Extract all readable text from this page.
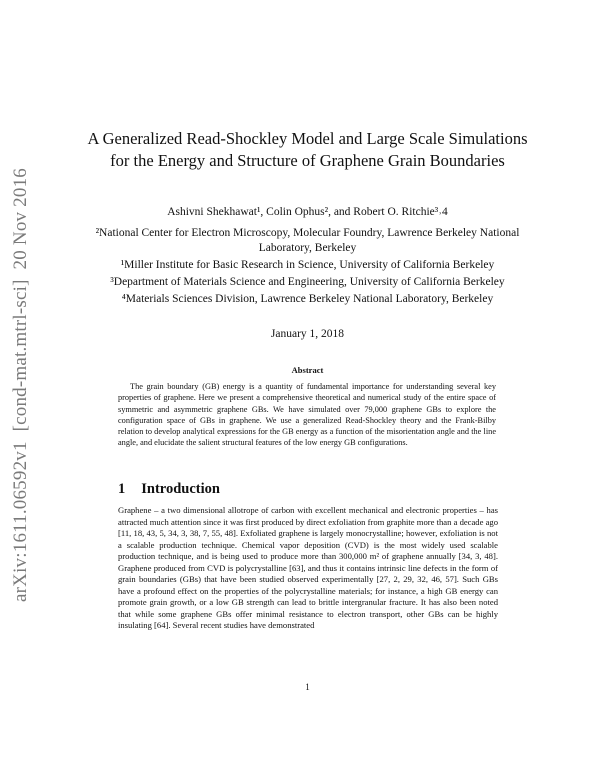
arXiv:1611.06592v1  [cond-mat.mtrl-sci]  20 Nov 2016
A Generalized Read-Shockley Model and Large Scale Simulations for the Energy and Structure of Graphene Grain Boundaries
Ashivni Shekhawat¹, Colin Ophus², and Robert O. Ritchie³˒4
²National Center for Electron Microscopy, Molecular Foundry, Lawrence Berkeley National Laboratory, Berkeley
¹Miller Institute for Basic Research in Science, University of California Berkeley
³Department of Materials Science and Engineering, University of California Berkeley
⁴Materials Sciences Division, Lawrence Berkeley National Laboratory, Berkeley
January 1, 2018
Abstract
The grain boundary (GB) energy is a quantity of fundamental importance for understanding several key properties of graphene. Here we present a comprehensive theoretical and numerical study of the entire space of symmetric and asymmetric graphene GBs. We have simulated over 79,000 graphene GBs to explore the configuration space of GBs in graphene. We use a generalized Read-Shockley theory and the Frank-Bilby relation to develop analytical expressions for the GB energy as a function of the misorientation angle and the line angle, and elucidate the salient structural features of the low energy GB configurations.
1 Introduction
Graphene – a two dimensional allotrope of carbon with excellent mechanical and electronic properties – has attracted much attention since it was first produced by direct exfoliation from graphite more than a decade ago [11, 18, 43, 5, 34, 3, 38, 7, 55, 48]. Exfoliated graphene is largely monocrystalline; however, exfoliation is not a scalable production technique. Chemical vapor deposition (CVD) is the most widely used scalable production technique, and is being used to produce more than 300,000 m² of graphene annually [34, 3, 48]. Graphene produced from CVD is polycrystalline [63], and thus it contains intrinsic line defects in the form of grain boundaries (GBs) that have been studied observed experimentally [27, 2, 29, 32, 46, 57]. Such GBs have a profound effect on the properties of the polycrystalline materials; for instance, a high GB energy can promote grain growth, or a low GB strength can lead to brittle intergranular fracture. It has also been noted that while some graphene GBs offer minimal resistance to electron transport, other GBs can be highly insulating [64]. Several recent studies have demonstrated
1
